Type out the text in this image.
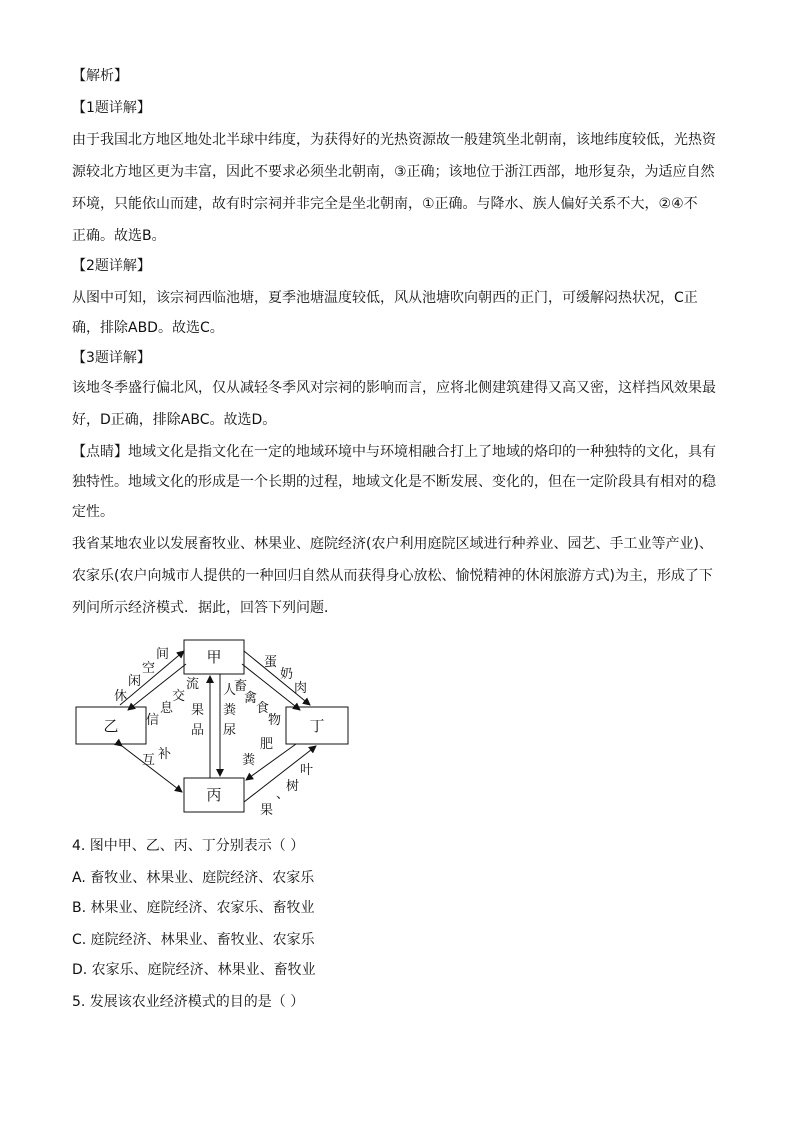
【解析】
【1题详解】
由于我国北方地区地处北半球中纬度，为获得好的光热资源故一般建筑坐北朝南，该地纬度较低，光热资
源较北方地区更为丰富，因此不要求必须坐北朝南，③正确；该地位于浙江西部，地形复杂，为适应自然
环境，只能依山而建，故有时宗祠并非完全是坐北朝南，①正确。与降水、族人偏好关系不大，②④不
正确。故选B。
【2题详解】
从图中可知，该宗祠西临池塘，夏季池塘温度较低，风从池塘吹向朝西的正门，可缓解闷热状况，C正
确，排除ABD。故选C。
【3题详解】
该地冬季盛行偏北风，仅从减轻冬季风对宗祠的影响而言，应将北侧建筑建得又高又密，这样挡风效果最
好，D正确，排除ABC。故选D。
【点睛】地域文化是指文化在一定的地域环境中与环境相融合打上了地域的烙印的一种独特的文化，具有
独特性。地域文化的形成是一个长期的过程，地域文化是不断发展、变化的，但在一定阶段具有相对的稳
定性。
我省某地农业以发展畜牧业、林果业、庭院经济(农户利用庭院区域进行种养业、园艺、手工业等产业)、
农家乐(农户向城市人提供的一种回归自然从而获得身心放松、愉悦精神的休闲旅游方式)为主，形成了下
列问所示经济模式．据此，回答下列问题．
甲
乙	丁
丙
休
闲
空
间
信
息
交
流
果
品
人
粪
尿
畜
禽
食
物
蛋
奶
肉
互 补	粪
肥
叶
树
、
果
4. 图中甲、乙、丙、丁分别表示（ ）
A. 畜牧业、林果业、庭院经济、农家乐
B. 林果业、庭院经济、农家乐、畜牧业
C. 庭院经济、林果业、畜牧业、农家乐
D. 农家乐、庭院经济、林果业、畜牧业
5. 发展该农业经济模式的目的是（ ）
